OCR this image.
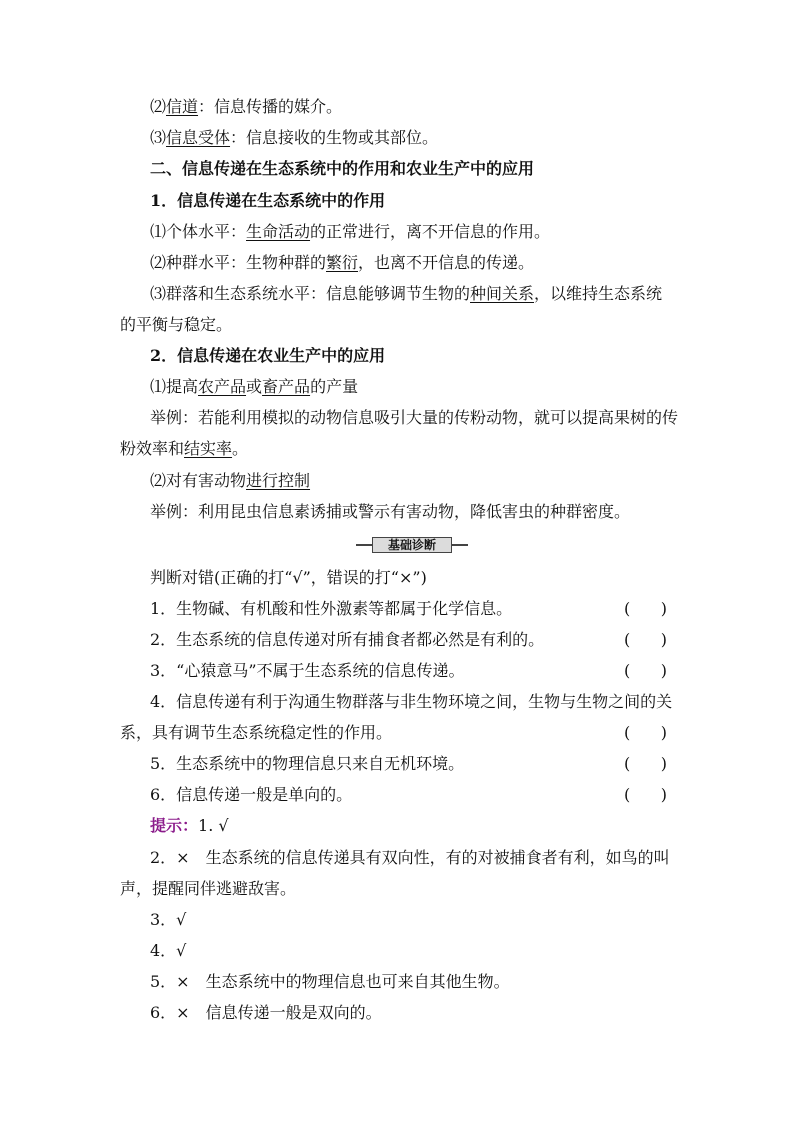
⑵信道：信息传播的媒介。
⑶信息受体：信息接收的生物或其部位。
二、信息传递在生态系统中的作用和农业生产中的应用
1．信息传递在生态系统中的作用
⑴个体水平：生命活动的正常进行，离不开信息的作用。
⑵种群水平：生物种群的繁衍，也离不开信息的传递。
⑶群落和生态系统水平：信息能够调节生物的种间关系，以维持生态系统
的平衡与稳定。
2．信息传递在农业生产中的应用
⑴提高农产品或畜产品的产量
举例：若能利用模拟的动物信息吸引大量的传粉动物，就可以提高果树的传
粉效率和结实率。
⑵对有害动物进行控制
举例：利用昆虫信息素诱捕或警示有害动物，降低害虫的种群密度。
基础诊断
判断对错(正确的打“√”，错误的打“×”)
1．生物碱、有机酸和性外激素等都属于化学信息。	(      )
2．生态系统的信息传递对所有捕食者都必然是有利的。	(      )
3．“心猿意马”不属于生态系统的信息传递。	(      )
4．信息传递有利于沟通生物群落与非生物环境之间，生物与生物之间的关
系，具有调节生态系统稳定性的作用。	(      )
5．生态系统中的物理信息只来自无机环境。	(      )
6．信息传递一般是单向的。	(      )
提示：1. √
2．×　生态系统的信息传递具有双向性，有的对被捕食者有利，如鸟的叫
声，提醒同伴逃避敌害。
3．√
4．√
5．×　生态系统中的物理信息也可来自其他生物。
6．×　信息传递一般是双向的。
